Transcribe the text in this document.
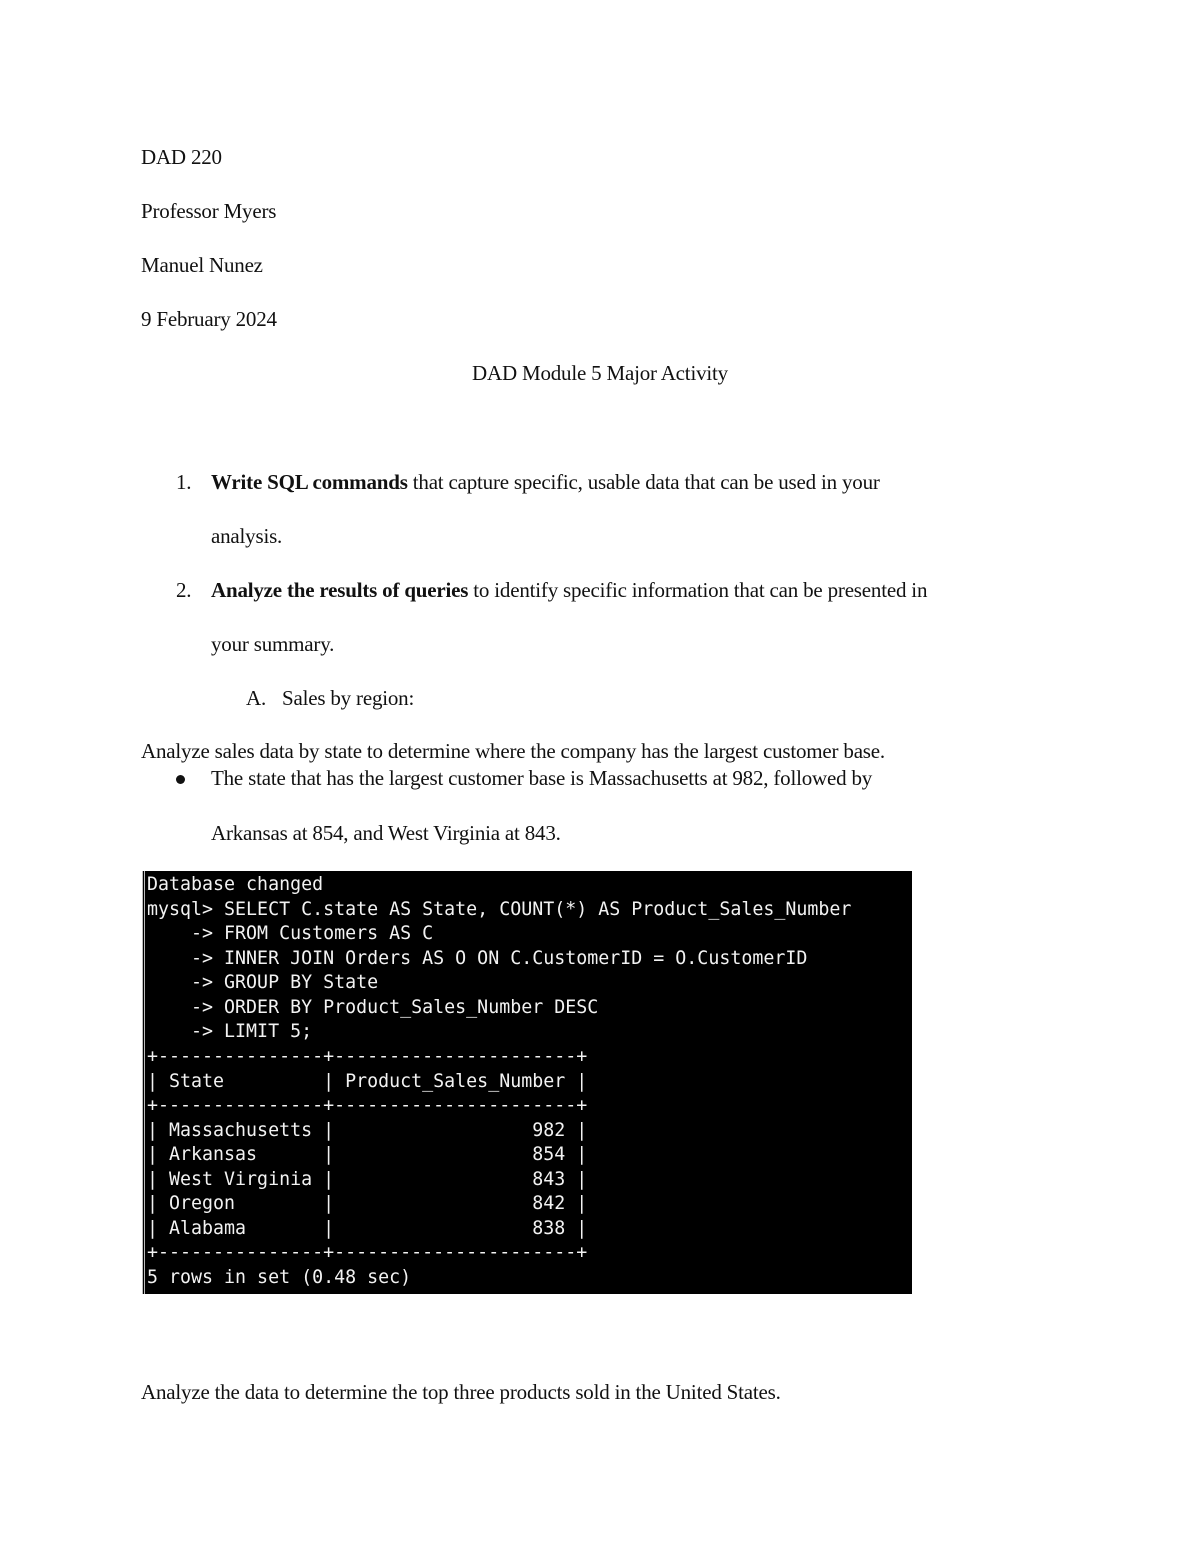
DAD 220
Professor Myers
Manuel Nunez
9 February 2024
DAD Module 5 Major Activity
1. Write SQL commands that capture specific, usable data that can be used in your
analysis.
2. Analyze the results of queries to identify specific information that can be presented in
your summary.
A. Sales by region:
Analyze sales data by state to determine where the company has the largest customer base.
The state that has the largest customer base is Massachusetts at 982, followed by
Arkansas at 854, and West Virginia at 843.
Database changed
mysql> SELECT C.state AS State, COUNT(*) AS Product_Sales_Number
-> FROM Customers AS C
-> INNER JOIN Orders AS O ON C.CustomerID = O.CustomerID
-> GROUP BY State
-> ORDER BY Product_Sales_Number DESC
-> LIMIT 5;
+---------------+----------------------+
| State         | Product_Sales_Number |
+---------------+----------------------+
| Massachusetts |                  982 |
| Arkansas      |                  854 |
| West Virginia |                  843 |
| Oregon        |                  842 |
| Alabama       |                  838 |
+---------------+----------------------+
5 rows in set (0.48 sec)
Analyze the data to determine the top three products sold in the United States.
